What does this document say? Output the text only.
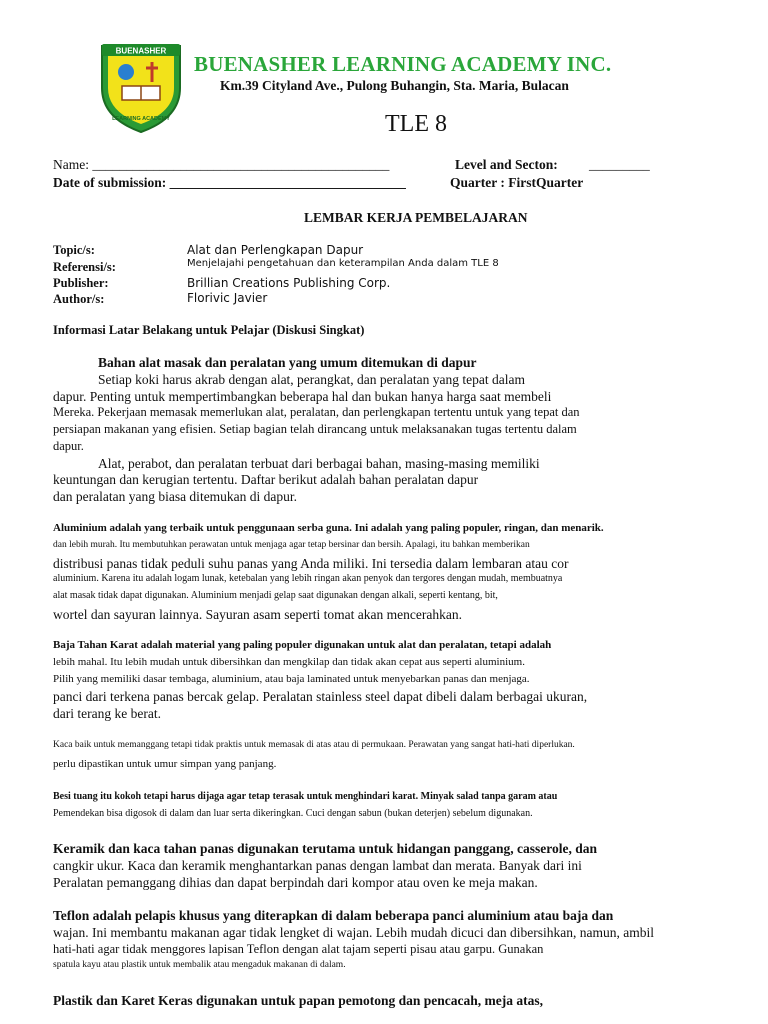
BUENASHER
LEARNING ACADEMY
BUENASHER LEARNING ACADEMY INC.
Km.39 Cityland Ave., Pulong Buhangin, Sta. Maria, Bulacan
TLE 8
Name: ____________________________________________	Level and Secton: _________
Date of submission: ___________________________________	Quarter : FirstQuarter
LEMBAR KERJA PEMBELAJARAN
Topic/s:	Alat dan Perlengkapan Dapur
Referensi/s:	Menjelajahi pengetahuan dan keterampilan Anda dalam TLE 8
Publisher:	Brillian Creations Publishing Corp.
Author/s:	Florivic Javier
Informasi Latar Belakang untuk Pelajar (Diskusi Singkat)
Bahan alat masak dan peralatan yang umum ditemukan di dapur
Setiap koki harus akrab dengan alat, perangkat, dan peralatan yang tepat dalam
dapur. Penting untuk mempertimbangkan beberapa hal dan bukan hanya harga saat membeli
Mereka. Pekerjaan memasak memerlukan alat, peralatan, dan perlengkapan tertentu untuk yang tepat dan
persiapan makanan yang efisien. Setiap bagian telah dirancang untuk melaksanakan tugas tertentu dalam
dapur.
Alat, perabot, dan peralatan terbuat dari berbagai bahan, masing-masing memiliki
keuntungan dan kerugian tertentu. Daftar berikut adalah bahan peralatan dapur
dan peralatan yang biasa ditemukan di dapur.
Aluminium adalah yang terbaik untuk penggunaan serba guna. Ini adalah yang paling populer, ringan, dan menarik.
dan lebih murah. Itu membutuhkan perawatan untuk menjaga agar tetap bersinar dan bersih. Apalagi, itu bahkan memberikan
distribusi panas tidak peduli suhu panas yang Anda miliki. Ini tersedia dalam lembaran atau cor
aluminium. Karena itu adalah logam lunak, ketebalan yang lebih ringan akan penyok dan tergores dengan mudah, membuatnya
alat masak tidak dapat digunakan. Aluminium menjadi gelap saat digunakan dengan alkali, seperti kentang, bit,
wortel dan sayuran lainnya. Sayuran asam seperti tomat akan mencerahkan.
Baja Tahan Karat adalah material yang paling populer digunakan untuk alat dan peralatan, tetapi adalah
lebih mahal. Itu lebih mudah untuk dibersihkan dan mengkilap dan tidak akan cepat aus seperti aluminium.
Pilih yang memiliki dasar tembaga, aluminium, atau baja laminated untuk menyebarkan panas dan menjaga.
panci dari terkena panas bercak gelap. Peralatan stainless steel dapat dibeli dalam berbagai ukuran,
dari terang ke berat.
Kaca baik untuk memanggang tetapi tidak praktis untuk memasak di atas atau di permukaan. Perawatan yang sangat hati-hati diperlukan.
perlu dipastikan untuk umur simpan yang panjang.
Besi tuang itu kokoh tetapi harus dijaga agar tetap terasak untuk menghindari karat. Minyak salad tanpa garam atau
Pemendekan bisa digosok di dalam dan luar serta dikeringkan. Cuci dengan sabun (bukan deterjen) sebelum digunakan.
Keramik dan kaca tahan panas digunakan terutama untuk hidangan panggang, casserole, dan
cangkir ukur. Kaca dan keramik menghantarkan panas dengan lambat dan merata. Banyak dari ini
Peralatan pemanggang dihias dan dapat berpindah dari kompor atau oven ke meja makan.
Teflon adalah pelapis khusus yang diterapkan di dalam beberapa panci aluminium atau baja dan
wajan. Ini membantu makanan agar tidak lengket di wajan. Lebih mudah dicuci dan dibersihkan, namun, ambil
hati-hati agar tidak menggores lapisan Teflon dengan alat tajam seperti pisau atau garpu. Gunakan
spatula kayu atau plastik untuk membalik atau mengaduk makanan di dalam.
Plastik dan Karet Keras digunakan untuk papan pemotong dan pencacah, meja atas,
